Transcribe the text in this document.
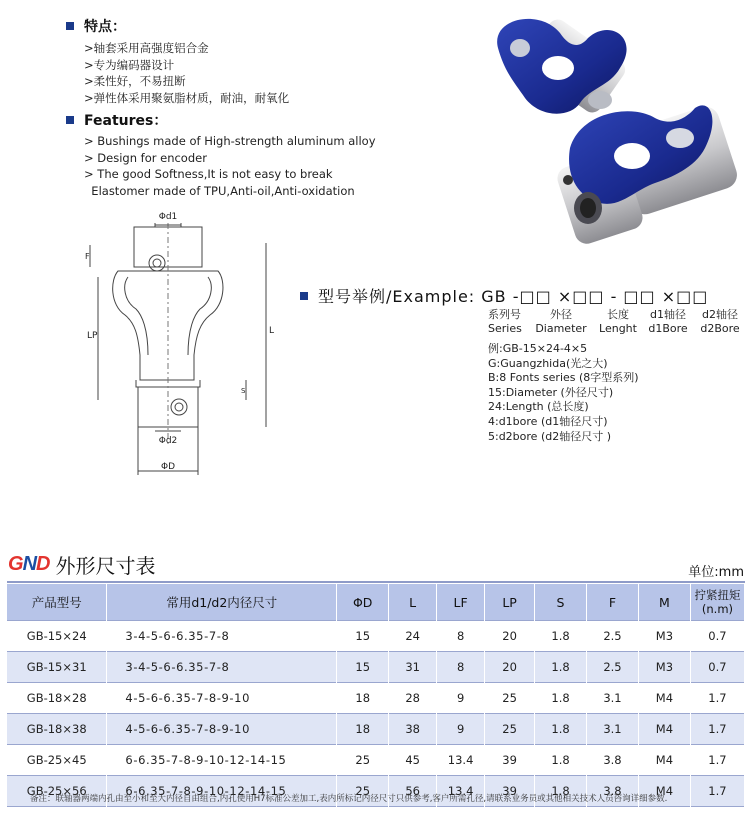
特点：
>轴套采用高强度铝合金
>专为编码器设计
>柔性好，不易扭断
>弹性体采用聚氨脂材质，耐油，耐氧化
Features：
> Bushings made of High-strength aluminum alloy
> Design for encoder
> The good Softness,It is not easy to break
Elastomer made of TPU,Anti-oil,Anti-oxidation
Φd1
Φd2
ΦD
F
LP	L
S
型号举例/Example: GB -□□ ×□□ - □□ ×□□
系列号
Series
外径
Diameter
长度
Lenght
d1轴径
d1Bore
d2轴径
d2Bore
例:GB-15×24-4×5
G:Guangzhida(光之大)
B:8 Fonts series (8字型系列)
15:Diameter (外径尺寸)
24:Length (总长度)
4:d1bore (d1轴径尺寸)
5:d2bore (d2轴径尺寸 )
GND 外形尺寸表	单位:mm
产品型号	常用d1/d2内径尺寸	ΦD	L	LF	LP	S	F	M	拧紧扭矩
(n.m)
GB-15×24	3-4-5-6-6.35-7-8	15	24	8	20	1.8	2.5	M3	0.7
GB-15×31	3-4-5-6-6.35-7-8	15	31	8	20	1.8	2.5	M3	0.7
GB-18×28	4-5-6-6.35-7-8-9-10	18	28	9	25	1.8	3.1	M4	1.7
GB-18×38	4-5-6-6.35-7-8-9-10	18	38	9	25	1.8	3.1	M4	1.7
GB-25×45	6-6.35-7-8-9-10-12-14-15	25	45	13.4	39	1.8	3.8	M4	1.7
GB-25×56	6-6.35-7-8-9-10-12-14-15	25	56	13.4	39	1.8	3.8	M4	1.7
备注：联轴器两端内孔由至小和至大内径自由组合,内孔使用H7标准公差加工,表内所标记内径尺寸只供参考,客户所需孔径,请联系业务员或其他相关技术人员咨询详细参数.
